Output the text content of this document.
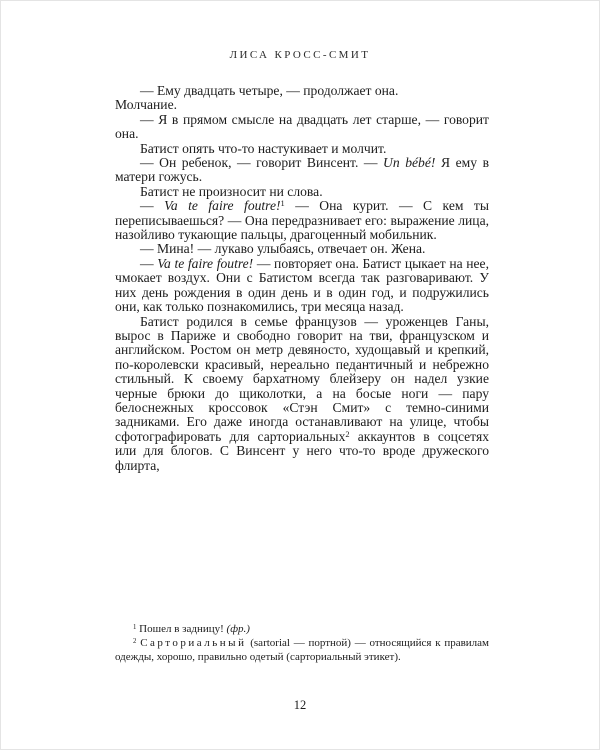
ЛИСА КРОСС-СМИТ

— Ему двадцать четыре, — продолжает она.

Молчание.

— Я в прямом смысле на двадцать лет старше, — говорит она.

Батист опять что-то настукивает и молчит.

— Он ребенок, — говорит Винсент. — Un bébé! Я ему в матери гожусь.

Батист не произносит ни слова.

— Va te faire foutre!$^1$ — Она курит. — С кем ты переписываешься? — Она передразнивает его: выражение лица, назойливо тукающие пальцы, драгоценный мобильник.

— Мина! — лукаво улыбаясь, отвечает он. Жена.

— Va te faire foutre! — повторяет она. Батист цыкает на нее, чмокает воздух. Они с Батистом всегда так разговаривают. У них день рождения в один день и в один год, и подружились они, как только познакомились, три месяца назад.

Батист родился в семье французов — уроженцев Ганы, вырос в Париже и свободно говорит на тви, французском и английском. Ростом он метр девяносто, худощавый и крепкий, по-королевски красивый, нереально педантичный и небрежно стильный. К своему бархатному блейзеру он надел узкие черные брюки до щиколотки, а на босые ноги — пару белоснежных кроссовок «Стэн Смит» с темно-синими задниками. Его даже иногда останавливают на улице, чтобы сфотографировать для сарториальных$^2$ аккаунтов в соцсетях или для блогов. С Винсент у него что-то вроде дружеского флирта,

$^1$ Пошел в задницу! (фр.)

$^2$ Сарториальный (sartorial — портной) — относящийся к правилам одежды, хорошо, правильно одетый (сарториальный этикет).

12
